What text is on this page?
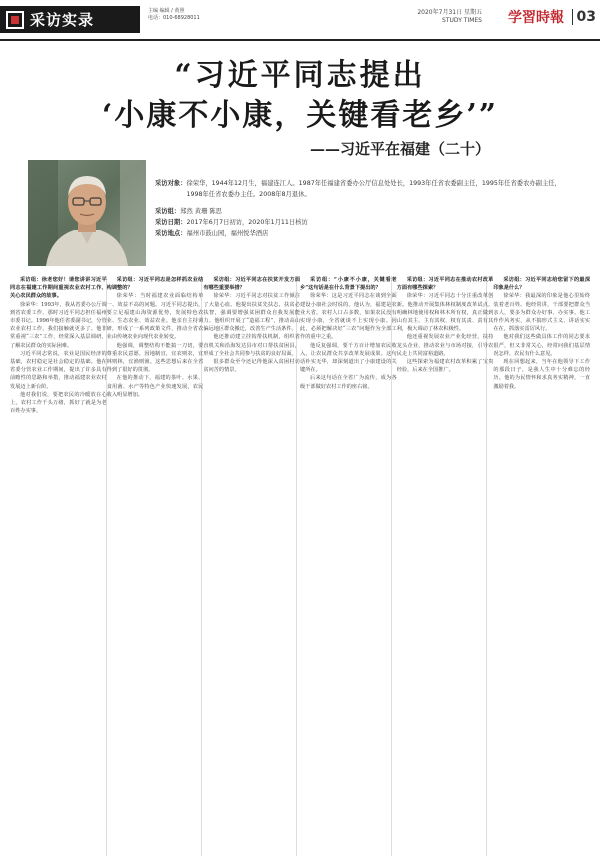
采访实录	主编 编辑 / 黄照
电话：010-68928011
2020年7月31日 星期五
STUDY TIMES 学習時報 03
“习近平同志提出
‘小康不小康，关键看老乡’”
——习近平在福建（二十）
采访对象： 徐荣华，1944年12月生，福建连江人。1987年任福建省委办公厅信息处处长，1993年任省农委副主任，1995年任省委农办副主任，1998年任省农委办主任。2008年8月退休。
采访组： 郑然 黄珊 陈思
采访日期： 2017年6月7日初访，2020年1月11日核访
采访地点： 福州市鼓山园，福州悦华酒店

采访组：徐老您好！请您讲讲习近平同志在福建工作期间重视农业农村工作、关心农民群众的故事。

徐荣华：1993年，我从省委办公厅调到省农委工作，那时习近平同志担任福州市委书记。1996年他任省委副书记，分管农业农村工作，我们接触就更多了。他非常重视“三农”工作，经常深入基层调研，了解农民群众的实际困难。

习近平同志常说，农业是国民经济的基础，农村稳定是社会稳定的基础。他在省委分管农业工作期间，提出了许多具有前瞻性的思路和举措，推动福建农业农村发展迈上新台阶。

他对我们说，要把农民的冷暖放在心上，农村工作千头万绪，抓好了就是为老百姓办实事。

采访组：习近平同志是怎样抓农业结构调整的？

徐荣华：当时福建农业面临结构单一、效益不高的问题。习近平同志提出，要立足福建山海资源优势，发展特色农业、生态农业、效益农业。他亲自主持调研，形成了一系列政策文件，推动全省农业由传统农业向现代农业转变。

他强调，调整结构不能搞一刀切，要尊重农民意愿，因地制宜，宜农则农，宜林则林，宜渔则渔。这些思想后来在全省得到了很好的贯彻。

在他的推动下，福建的茶叶、水果、食用菌、水产等特色产业快速发展，农民收入明显增加。

采访组：习近平同志在扶贫开发方面有哪些重要举措？

徐荣华：习近平同志对扶贫工作倾注了大量心血。他提出扶贫先扶志，扶贫必扶智，强调要增强贫困群众自我发展能力。他组织开展了“造福工程”，推动高山偏远地区群众搬迁，改善生产生活条件。

他还推动建立挂钩帮扶机制，组织省直机关和沿海发达县市对口帮扶贫困县，形成了全社会共同参与扶贫的良好局面。

很多群众至今还记得他深入贫困村访贫问苦的情景。

采访组：“小康不小康，关键看老乡”这句话是在什么背景下提出的？

徐荣华：这是习近平同志在谈到全面建设小康社会时说的。他认为，福建是农业大省，农村人口占多数，如果农民没有实现小康，全省就谈不上实现小康。因此，必须把解决好“三农”问题作为全部工作的重中之重。

他反复强调，要千方百计增加农民收入，让农民群众共享改革发展成果。这句话朴实无华，却深刻道出了小康建设的关键所在。

后来这句话在全省广为流传，成为各级干部做好农村工作的座右铭。

采访组：习近平同志在推动农村改革方面有哪些探索？

徐荣华：习近平同志十分注重改革创新。他推动开展集体林权制度改革试点，明确林地使用权和林木所有权，真正做到山有其主、主有其权、权有其责、责有其利，极大调动了林农积极性。

他还重视发展农业产业化经营，扶持龙头企业，推动农业与市场对接，引导农民走上共同富裕道路。

这些探索为福建农村改革积累了宝贵经验，后来在全国推广。

采访组：习近平同志给您留下的最深印象是什么？

徐荣华：我最深的印象是他心里始终装着老百姓。他经常讲，干部要把群众当亲人，要多为群众办好事、办实事。他工作作风务实，从不搞形式主义，讲话实实在在，抓落实雷厉风行。

他对我们这些做具体工作的同志要求很严，但又非常关心，经常问我们基层情况怎样、农民有什么意见。

现在回想起来，当年在他领导下工作的那段日子，是我人生中十分难忘的经历。他的为民情怀和求真务实精神，一直激励着我。
